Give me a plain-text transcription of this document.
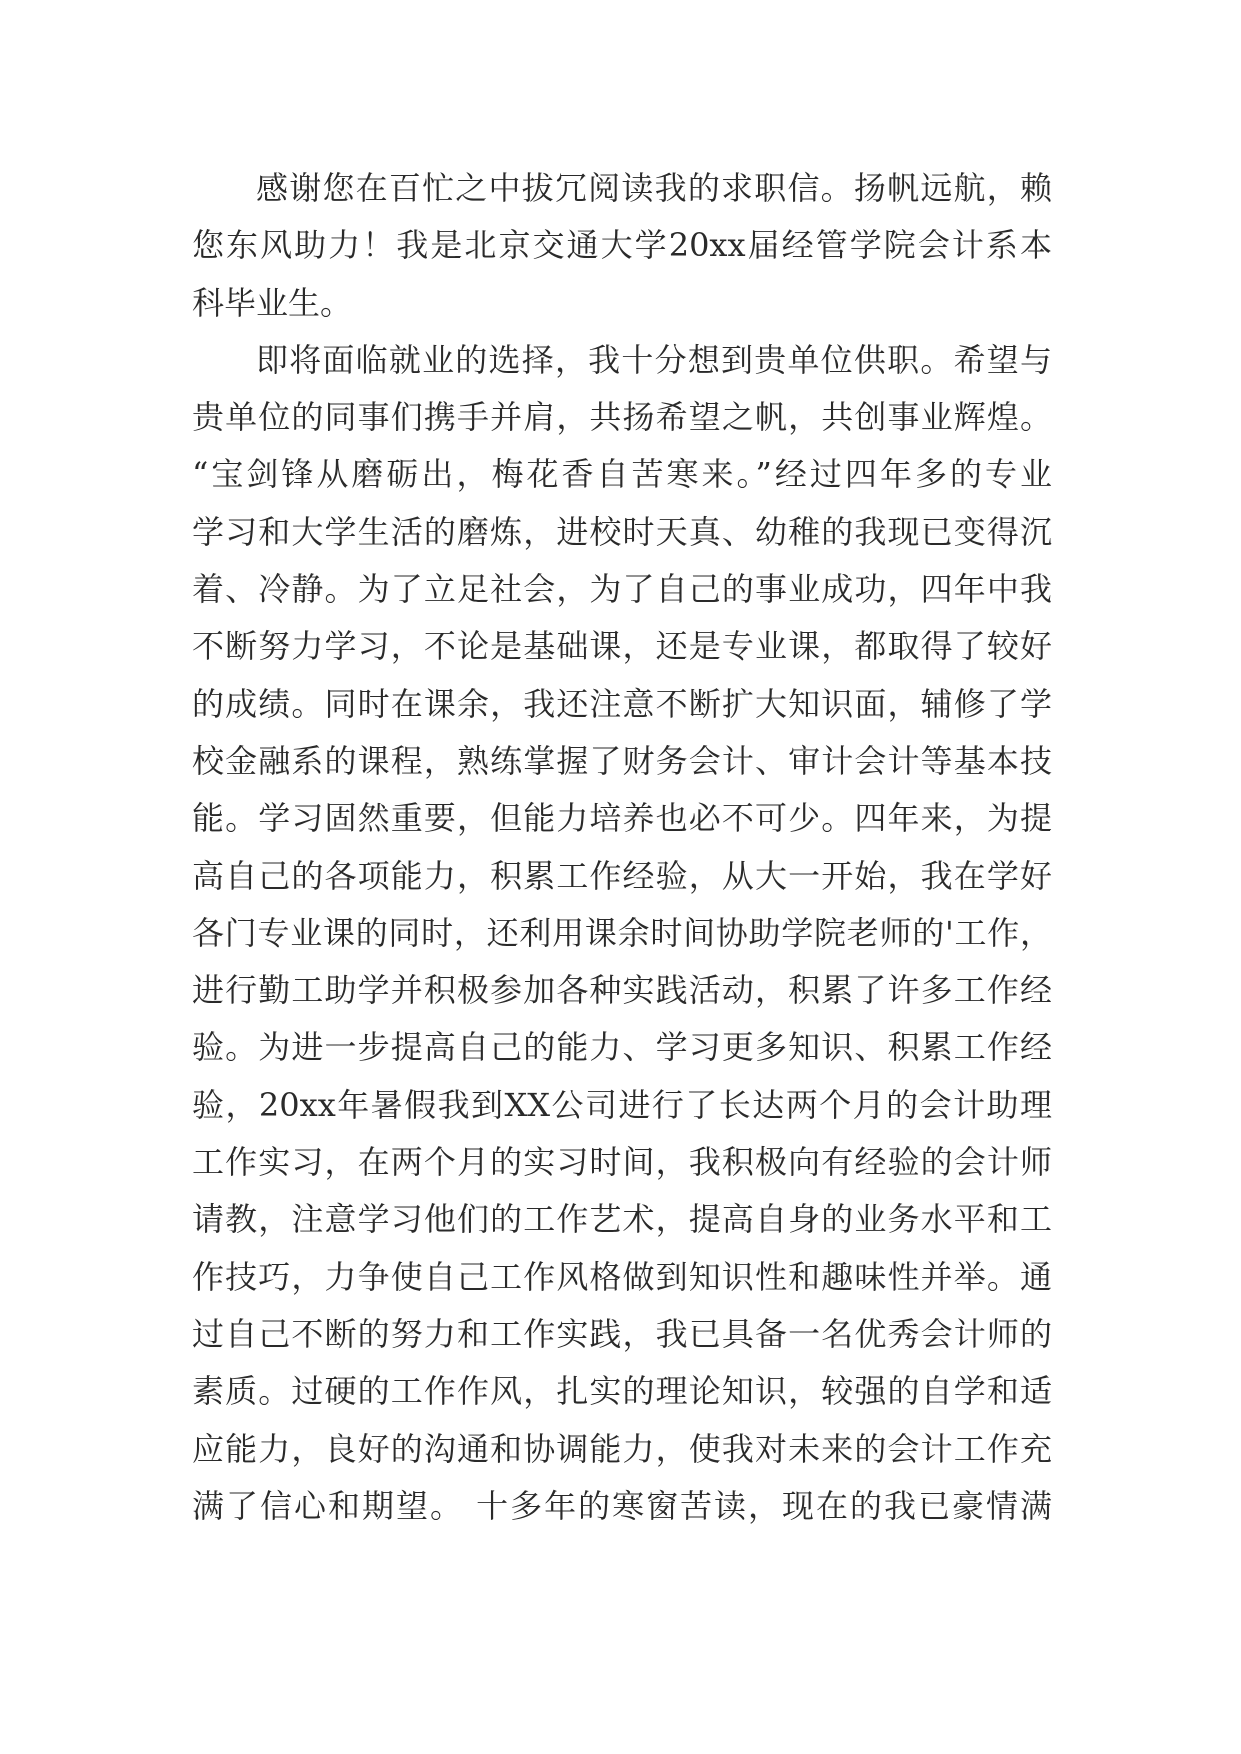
感谢您在百忙之中拔冗阅读我的求职信。扬帆远航，赖
您东风助力！我是北京交通大学20xx届经管学院会计系本
科毕业生。
即将面临就业的选择，我十分想到贵单位供职。希望与
贵单位的同事们携手并肩，共扬希望之帆，共创事业辉煌。
“宝剑锋从磨砺出，梅花香自苦寒来。”经过四年多的专业
学习和大学生活的磨炼，进校时天真、幼稚的我现已变得沉
着、冷静。为了立足社会，为了自己的事业成功，四年中我
不断努力学习，不论是基础课，还是专业课，都取得了较好
的成绩。同时在课余，我还注意不断扩大知识面，辅修了学
校金融系的课程，熟练掌握了财务会计、审计会计等基本技
能。学习固然重要，但能力培养也必不可少。四年来，为提
高自己的各项能力，积累工作经验，从大一开始，我在学好
各门专业课的同时，还利用课余时间协助学院老师的'工作，
进行勤工助学并积极参加各种实践活动，积累了许多工作经
验。为进一步提高自己的能力、学习更多知识、积累工作经
验，20xx年暑假我到XX公司进行了长达两个月的会计助理
工作实习，在两个月的实习时间，我积极向有经验的会计师
请教，注意学习他们的工作艺术，提高自身的业务水平和工
作技巧，力争使自己工作风格做到知识性和趣味性并举。通
过自己不断的努力和工作实践，我已具备一名优秀会计师的
素质。过硬的工作作风，扎实的理论知识，较强的自学和适
应能力，良好的沟通和协调能力，使我对未来的会计工作充
满了信心和期望。 十多年的寒窗苦读，现在的我已豪情满
